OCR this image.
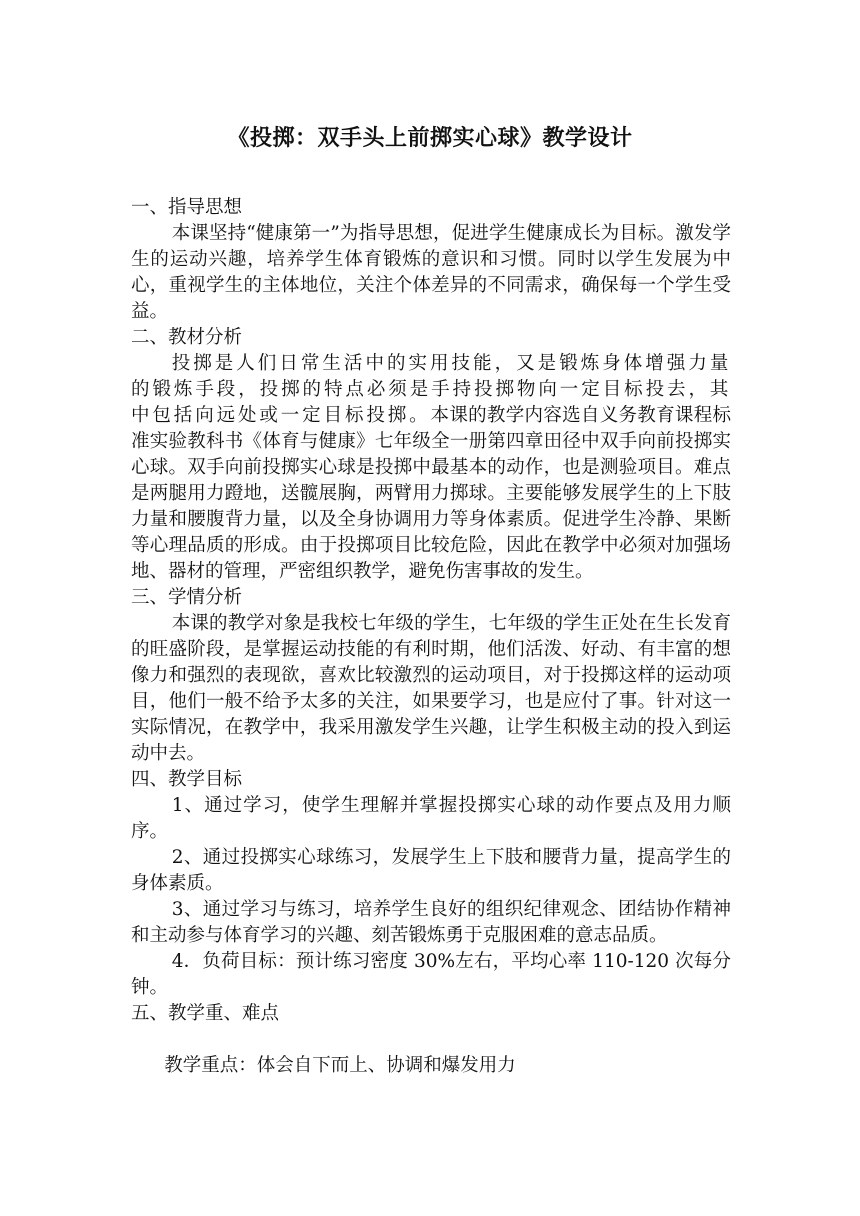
《投掷：双手头上前掷实心球》教学设计

一、指导思想

本课坚持“健康第一”为指导思想，促进学生健康成长为目标。激发学生的运动兴趣，培养学生体育锻炼的意识和习惯。同时以学生发展为中心，重视学生的主体地位，关注个体差异的不同需求，确保每一个学生受益。

二、教材分析

投掷是人们日常生活中的实用技能，又是锻炼身体增强力量的锻炼手段，投掷的特点必须是手持投掷物向一定目标投去，其中包括向远处或一定目标投掷。本课的教学内容选自义务教育课程标准实验教科书《体育与健康》七年级全一册第四章田径中双手向前投掷实心球。双手向前投掷实心球是投掷中最基本的动作，也是测验项目。难点是两腿用力蹬地，送髋展胸，两臂用力掷球。主要能够发展学生的上下肢力量和腰腹背力量，以及全身协调用力等身体素质。促进学生冷静、果断等心理品质的形成。由于投掷项目比较危险，因此在教学中必须对加强场地、器材的管理，严密组织教学，避免伤害事故的发生。

三、学情分析

本课的教学对象是我校七年级的学生，七年级的学生正处在生长发育的旺盛阶段，是掌握运动技能的有利时期，他们活泼、好动、有丰富的想像力和强烈的表现欲，喜欢比较激烈的运动项目，对于投掷这样的运动项目，他们一般不给予太多的关注，如果要学习，也是应付了事。针对这一实际情况，在教学中，我采用激发学生兴趣，让学生积极主动的投入到运动中去。

四、教学目标

1、通过学习，使学生理解并掌握投掷实心球的动作要点及用力顺序。

2、通过投掷实心球练习，发展学生上下肢和腰背力量，提高学生的身体素质。

3、通过学习与练习，培养学生良好的组织纪律观念、团结协作精神和主动参与体育学习的兴趣、刻苦锻炼勇于克服困难的意志品质。

4．负荷目标：预计练习密度 30%左右，平均心率 110-120 次每分钟。

五、教学重、难点

教学重点：体会自下而上、协调和爆发用力
